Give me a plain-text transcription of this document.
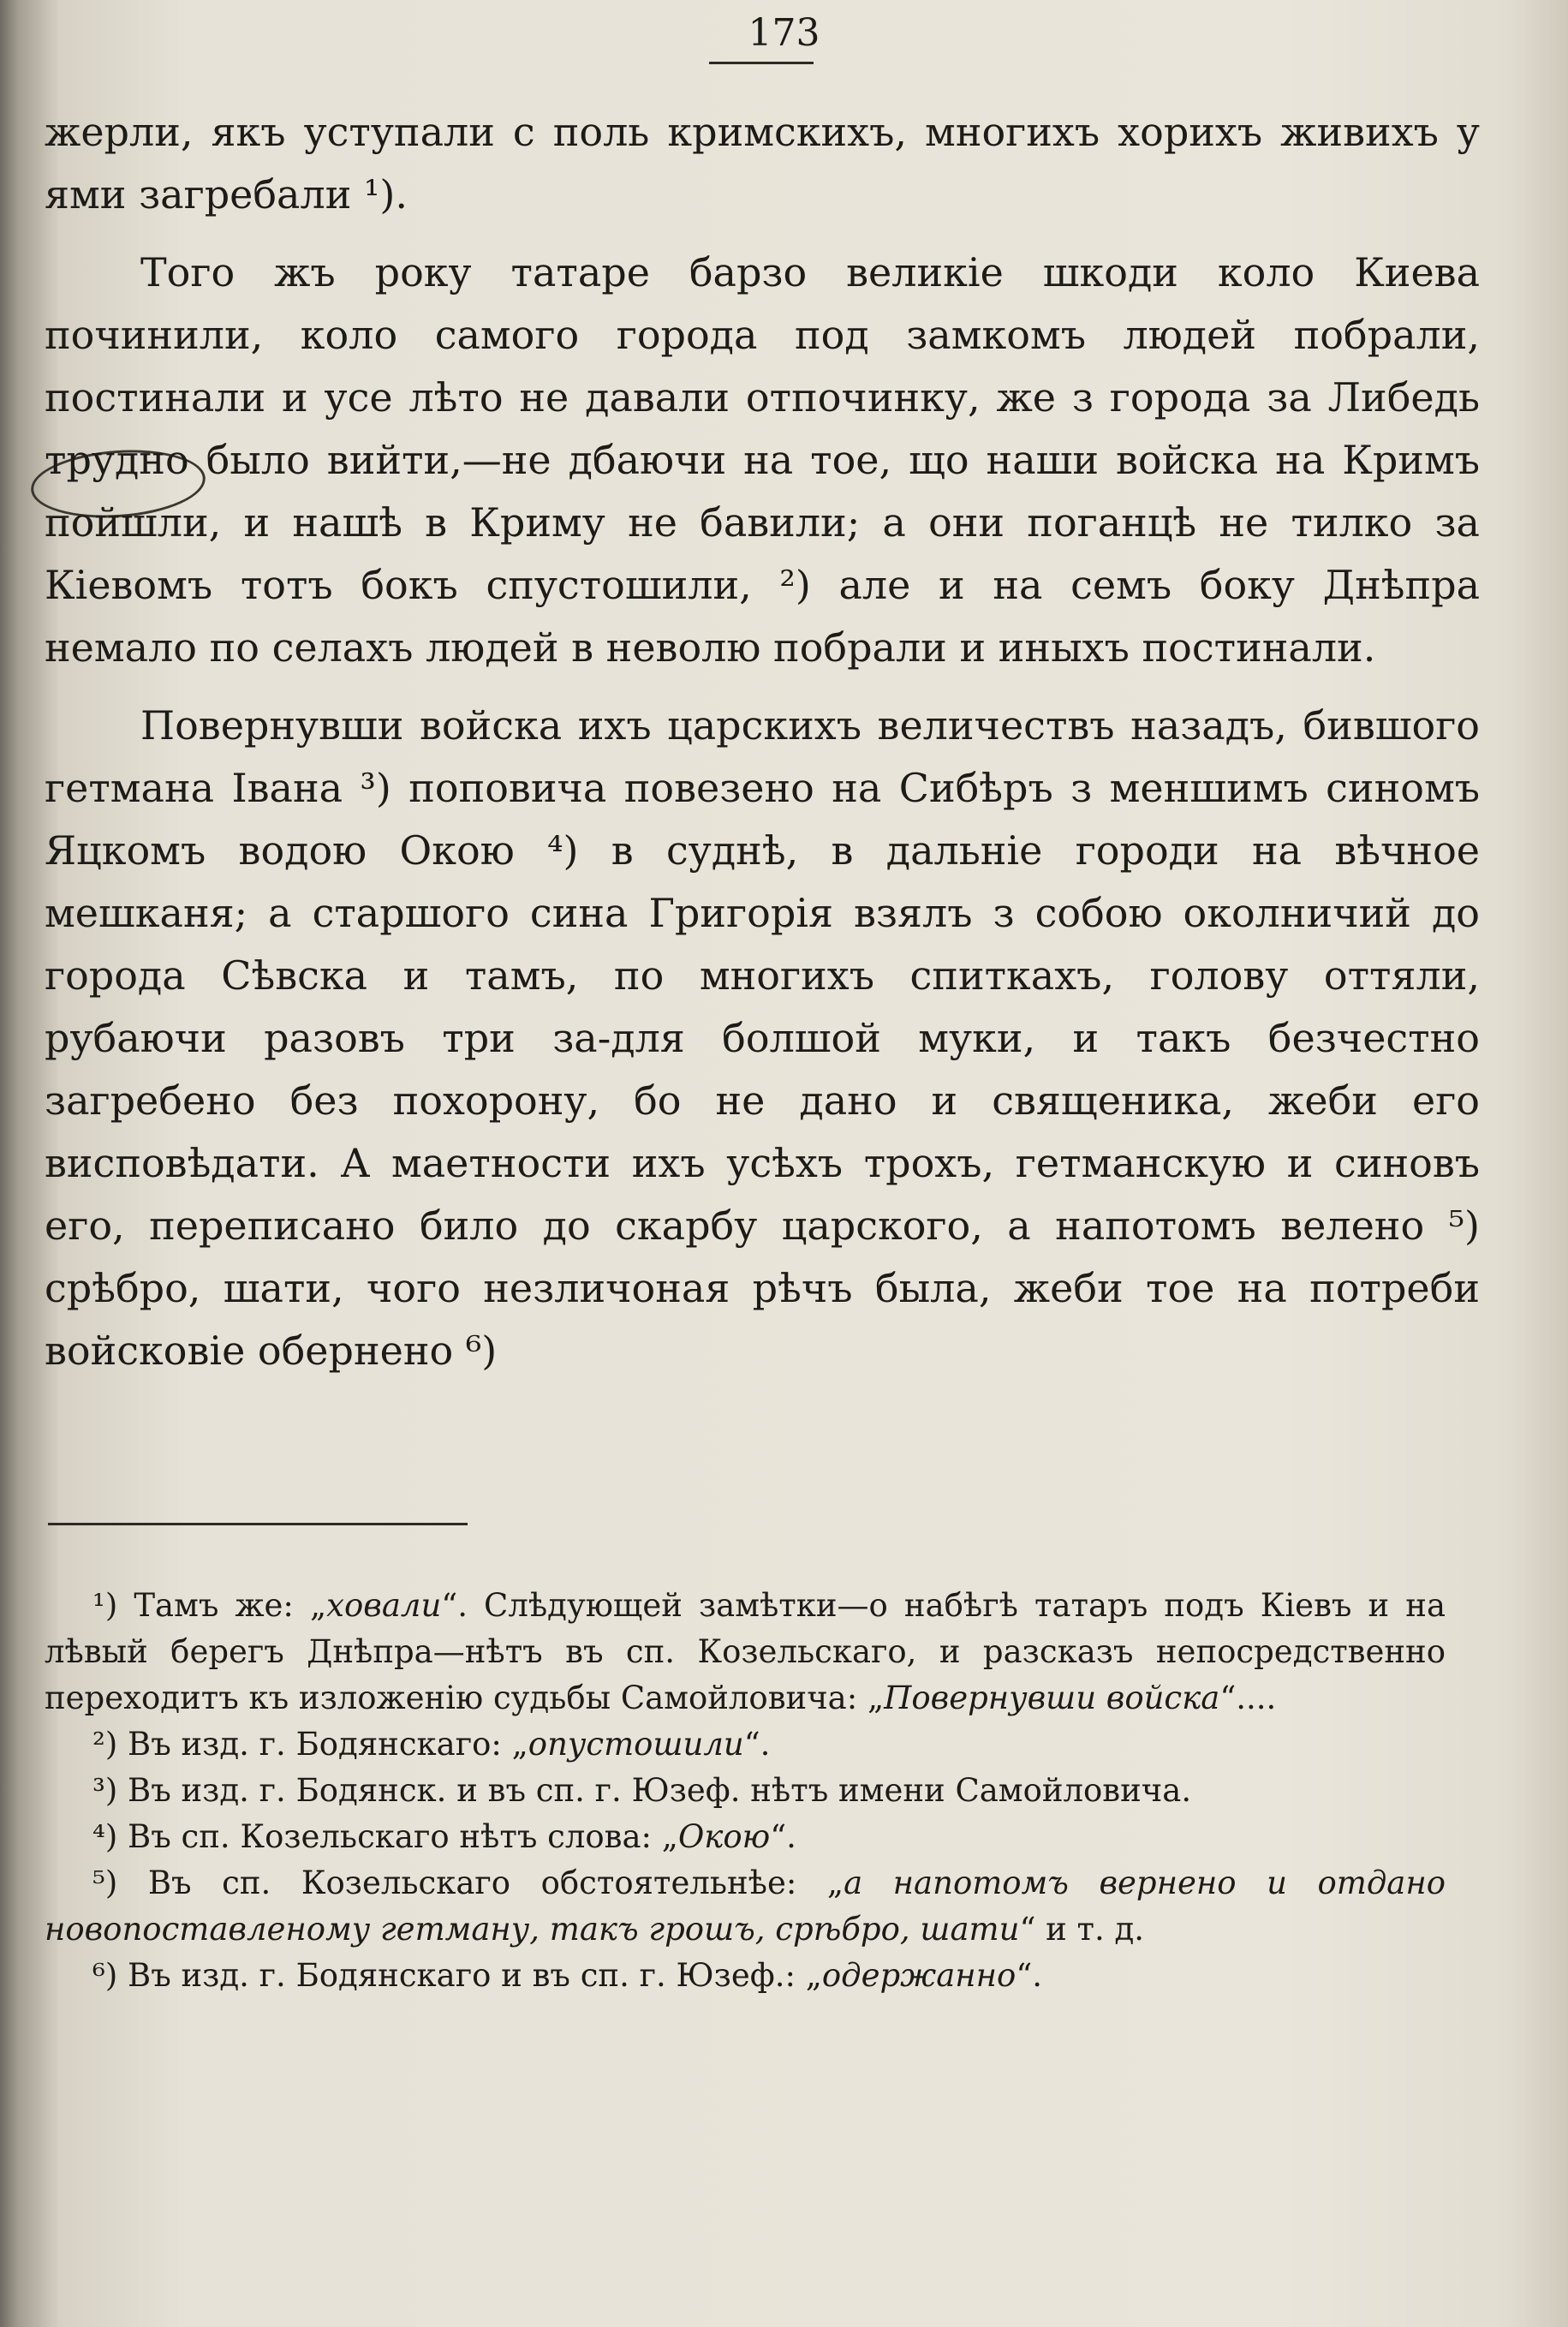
173

жерли, якъ уступали с поль кримскихъ, многихъ хорихъ живихъ у ями загребали ¹).

Того жъ року татаре барзо великіе шкоди коло Киева починили, коло самого города под замкомъ людей побрали, постинали и усе лѣто не давали отпочинку, же з города за Либедь трудно было вийти,—не дбаючи на тое, що наши войска на Кримъ пойшли, и нашѣ в Криму не бавили; а они поганцѣ не тилко за Кіевомъ тотъ бокъ спустошили, ²) але и на семъ боку Днѣпра немало по селахъ людей в неволю побрали и иныхъ постинали.

Повернувши войска ихъ царскихъ величествъ назадъ, бившого гетмана Івана ³) поповича повезено на Сибѣръ з меншимъ синомъ Яцкомъ водою Окою ⁴) в суднѣ, в дальніе городи на вѣчное мешканя; а старшого сина Григорія взялъ з собою околничий до города Сѣвска и тамъ, по многихъ спиткахъ, голову оттяли, рубаючи разовъ три за-для болшой муки, и такъ безчестно загребено без похорону, бо не дано и священика, жеби его висповѣдати. А маетности ихъ усѣхъ трохъ, гетманскую и синовъ его, переписано било до скарбу царского, а напотомъ велено ⁵) срѣбро, шати, чого незличоная рѣчъ была, жеби тое на потреби войсковіе обернено ⁶)

¹) Тамъ же: „ховали“. Слѣдующей замѣтки—о набѣгѣ татаръ подъ Кіевъ и на лѣвый берегъ Днѣпра—нѣтъ въ сп. Козельскаго, и разсказъ непосредственно переходитъ къ изложенію судьбы Самойловича: „Повернувши войска“....

²) Въ изд. г. Бодянскаго: „опустошили“.

³) Въ изд. г. Бодянск. и въ сп. г. Юзеф. нѣтъ имени Самойловича.

⁴) Въ сп. Козельскаго нѣтъ слова: „Окою“.

⁵) Въ сп. Козельскаго обстоятельнѣе: „а напотомъ вернено и отдано новопоставленому гетману, такъ грошъ, срѣбро, шати“ и т. д.

⁶) Въ изд. г. Бодянскаго и въ сп. г. Юзеф.: „одержанно“.
